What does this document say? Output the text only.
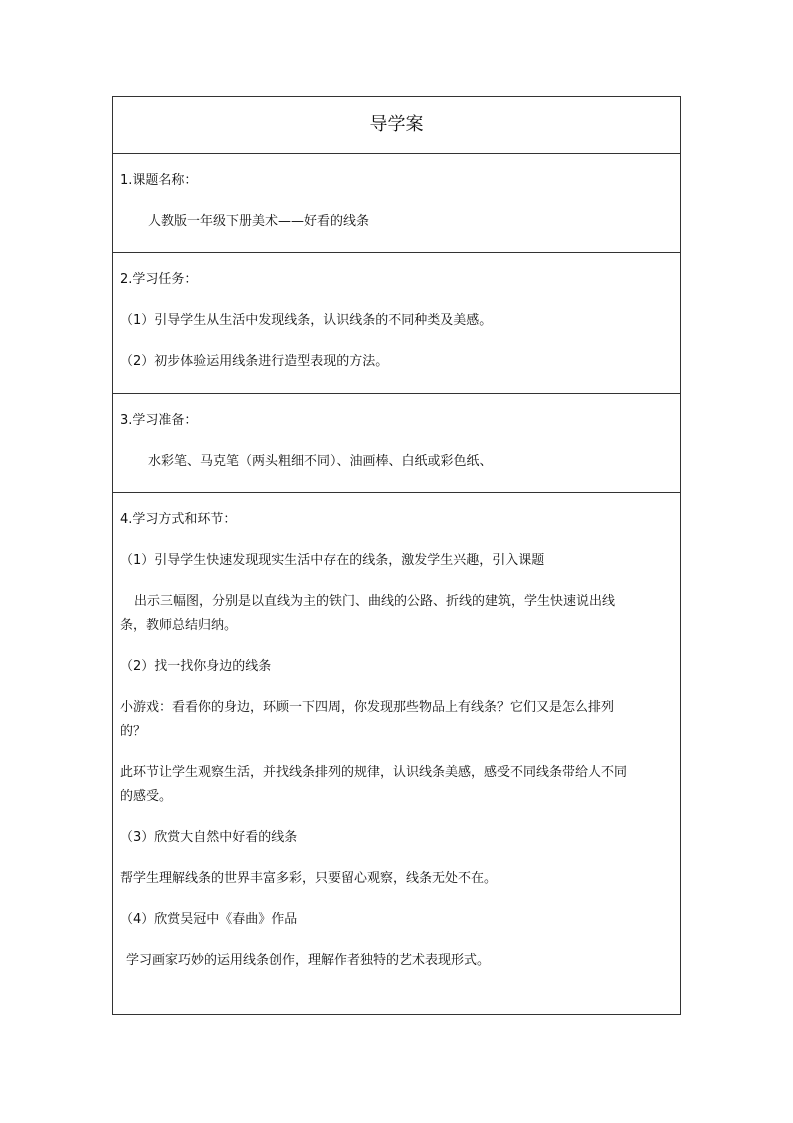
导学案

1.课题名称：

人教版一年级下册美术——好看的线条

2.学习任务：

（1）引导学生从生活中发现线条，认识线条的不同种类及美感。

（2）初步体验运用线条进行造型表现的方法。

3.学习准备：

水彩笔、马克笔（两头粗细不同）、油画棒、白纸或彩色纸、

4.学习方式和环节：

（1）引导学生快速发现现实生活中存在的线条，激发学生兴趣，引入课题

出示三幅图，分别是以直线为主的铁门、曲线的公路、折线的建筑，学生快速说出线

条，教师总结归纳。

（2）找一找你身边的线条

小游戏：看看你的身边，环顾一下四周，你发现那些物品上有线条？它们又是怎么排列

的？

此环节让学生观察生活，并找线条排列的规律，认识线条美感，感受不同线条带给人不同

的感受。

（3）欣赏大自然中好看的线条

帮学生理解线条的世界丰富多彩，只要留心观察，线条无处不在。

（4）欣赏吴冠中《春曲》作品

学习画家巧妙的运用线条创作，理解作者独特的艺术表现形式。
